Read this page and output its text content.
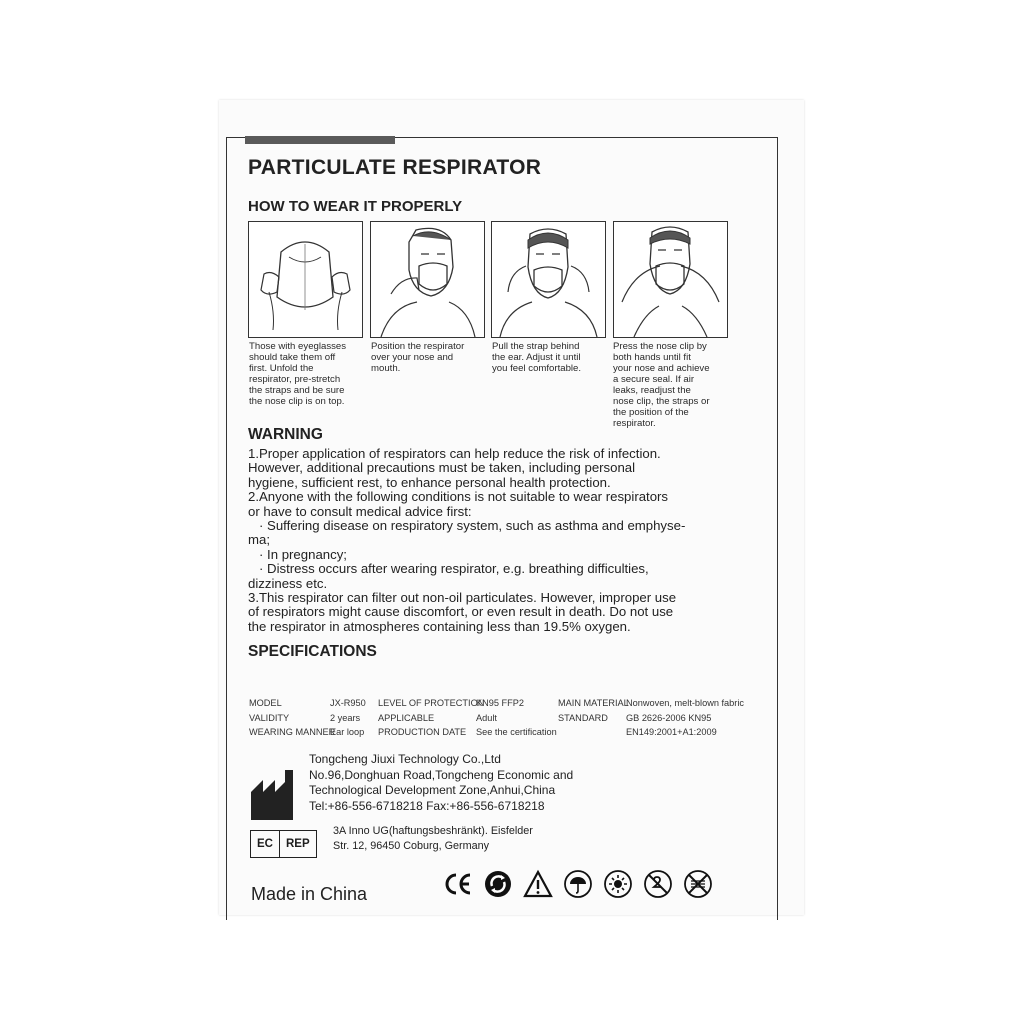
PARTICULATE RESPIRATOR
HOW TO WEAR IT PROPERLY
Those with eyeglasses
should take them off
first. Unfold the
respirator, pre-stretch
the straps and be sure
the nose clip is on top.
Position the respirator
over your nose and
mouth.
Pull the strap behind
the ear. Adjust it until
you feel comfortable.
Press the nose clip by
both hands until fit
your nose and achieve
a secure seal. If air
leaks, readjust the
nose clip, the straps or
the position of the
respirator.
WARNING
1.Proper application of respirators can help reduce the risk of infection.
However, additional precautions must be taken, including personal
hygiene, sufficient rest, to enhance personal health protection.
2.Anyone with the following conditions is not suitable to wear respirators
or have to consult medical advice first:
· Suffering disease on respiratory system, such as asthma and emphyse-
ma;
· In pregnancy;
· Distress occurs after wearing respirator, e.g. breathing difficulties,
dizziness etc.
3.This respirator can filter out non-oil particulates. However, improper use
of respirators might cause discomfort, or even result in death. Do not use
the respirator in atmospheres containing less than 19.5% oxygen.
SPECIFICATIONS

MODEL
VALIDITY
WEARING MANNER

JX-R950
2 years
Ear loop

LEVEL OF PROTECTION
APPLICABLE
PRODUCTION DATE

KN95 FFP2
Adult
See the certification

MAIN MATERIAL
STANDARD

Nonwoven, melt-blown fabric
GB 2626-2006 KN95
EN149:2001+A1:2009

Tongcheng Jiuxi Technology Co.,Ltd
No.96,Donghuan Road,Tongcheng Economic and
Technological Development Zone,Anhui,China
Tel:+86-556-6718218 Fax:+86-556-6718218
EC	REP
3A Inno UG(haftungsbeshränkt). Eisfelder
Str. 12, 96450 Coburg, Germany
Made in China
